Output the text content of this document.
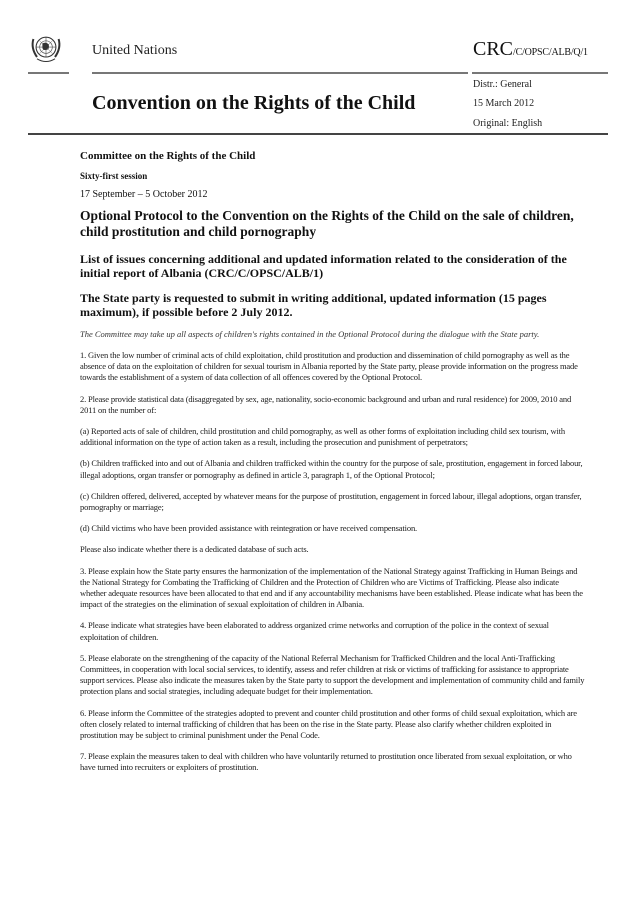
United Nations	CRC/C/OPSC/ALB/Q/1
Convention on the Rights of the Child
Distr.: General
15 March 2012
Original: English
Committee on the Rights of the Child
Sixty-first session
17 September – 5 October 2012
Optional Protocol to the Convention on the Rights of the Child on the sale of children, child prostitution and child pornography
List of issues concerning additional and updated information related to the consideration of the initial report of Albania (CRC/C/OPSC/ALB/1)
The State party is requested to submit in writing additional, updated information (15 pages maximum), if possible before 2 July 2012.
The Committee may take up all aspects of children's rights contained in the Optional Protocol during the dialogue with the State party.
1. Given the low number of criminal acts of child exploitation, child prostitution and production and dissemination of child pornography as well as the absence of data on the exploitation of children for sexual tourism in Albania reported by the State party, please provide information on the progress made towards the establishment of a system of data collection of all offences covered by the Optional Protocol.
2. Please provide statistical data (disaggregated by sex, age, nationality, socio-economic background and urban and rural residence) for 2009, 2010 and 2011 on the number of:
(a) Reported acts of sale of children, child prostitution and child pornography, as well as other forms of exploitation including child sex tourism, with additional information on the type of action taken as a result, including the prosecution and punishment of perpetrators;
(b) Children trafficked into and out of Albania and children trafficked within the country for the purpose of sale, prostitution, engagement in forced labour, illegal adoptions, organ transfer or pornography as defined in article 3, paragraph 1, of the Optional Protocol;
(c) Children offered, delivered, accepted by whatever means for the purpose of prostitution, engagement in forced labour, illegal adoptions, organ transfer, pornography or marriage;
(d) Child victims who have been provided assistance with reintegration or have received compensation.
Please also indicate whether there is a dedicated database of such acts.
3. Please explain how the State party ensures the harmonization of the implementation of the National Strategy against Trafficking in Human Beings and the National Strategy for Combating the Trafficking of Children and the Protection of Children who are Victims of Trafficking. Please also indicate whether adequate resources have been allocated to that end and if any accountability mechanisms have been established. Please indicate what has been the impact of the strategies on the elimination of sexual exploitation of children in Albania.
4. Please indicate what strategies have been elaborated to address organized crime networks and corruption of the police in the context of sexual exploitation of children.
5. Please elaborate on the strengthening of the capacity of the National Referral Mechanism for Trafficked Children and the local Anti-Trafficking Committees, in cooperation with local social services, to identify, assess and refer children at risk or victims of trafficking for assistance to appropriate support services. Please also indicate the measures taken by the State party to support the development and implementation of community child and family protection plans and social strategies, including adequate budget for their implementation.
6. Please inform the Committee of the strategies adopted to prevent and counter child prostitution and other forms of child sexual exploitation, which are often closely related to internal trafficking of children that has been on the rise in the State party. Please also clarify whether children exploited in prostitution may be subject to criminal punishment under the Penal Code.
7. Please explain the measures taken to deal with children who have voluntarily returned to prostitution once liberated from sexual exploitation, or who have turned into recruiters or exploiters of prostitution.
